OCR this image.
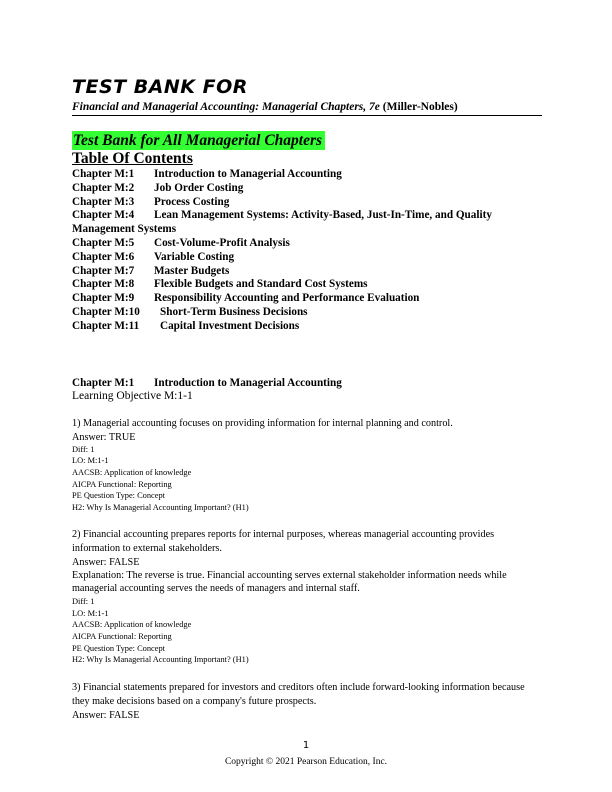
TEST BANK FOR
Financial and Managerial Accounting: Managerial Chapters, 7e (Miller-Nobles)
Test Bank for All Managerial Chapters
Table Of Contents
Chapter M:1 Introduction to Managerial Accounting
Chapter M:2 Job Order Costing
Chapter M:3 Process Costing
Chapter M:4 Lean Management Systems: Activity-Based, Just-In-Time, and Quality
Management Systems
Chapter M:5 Cost-Volume-Profit Analysis
Chapter M:6 Variable Costing
Chapter M:7 Master Budgets
Chapter M:8 Flexible Budgets and Standard Cost Systems
Chapter M:9 Responsibility Accounting and Performance Evaluation
Chapter M:10 Short-Term Business Decisions
Chapter M:11 Capital Investment Decisions
Chapter M:1 Introduction to Managerial Accounting
Learning Objective M:1-1
1) Managerial accounting focuses on providing information for internal planning and control.
Answer: TRUE
Diff: 1
LO: M:1-1
AACSB: Application of knowledge
AICPA Functional: Reporting
PE Question Type: Concept
H2: Why Is Managerial Accounting Important? (H1)
2) Financial accounting prepares reports for internal purposes, whereas managerial accounting provides information to external stakeholders.
Answer: FALSE
Explanation: The reverse is true. Financial accounting serves external stakeholder information needs while managerial accounting serves the needs of managers and internal staff.
Diff: 1
LO: M:1-1
AACSB: Application of knowledge
AICPA Functional: Reporting
PE Question Type: Concept
H2: Why Is Managerial Accounting Important? (H1)
3) Financial statements prepared for investors and creditors often include forward-looking information because they make decisions based on a company's future prospects.
Answer: FALSE
1
Copyright © 2021 Pearson Education, Inc.
